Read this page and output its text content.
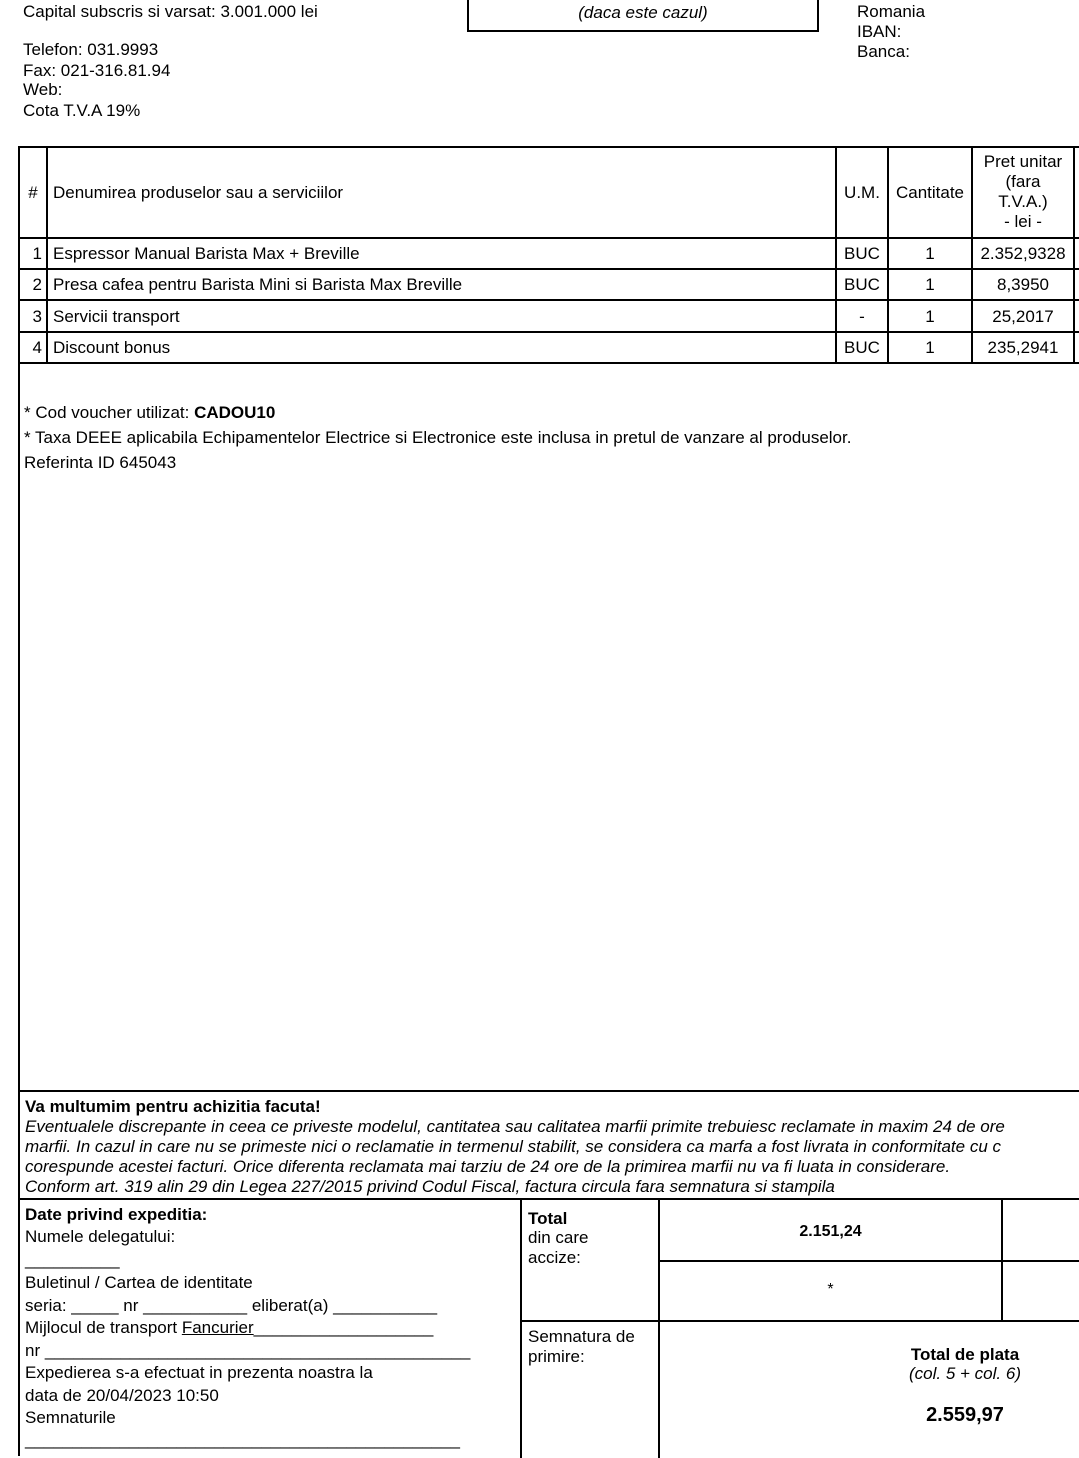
Capital subscris si varsat: 3.001.000 lei
Telefon: 031.9993
Fax: 021-316.81.94
Web:
Cota T.V.A 19%
(daca este cazul)	Romania
IBAN:
Banca:
# Denumirea produselor sau a serviciilor	U.M. Cantitate
Pret unitar
(fara
T.V.A.)
- lei -
1 Espressor Manual Barista Max + Breville	BUC	1	2.352,9328
2 Presa cafea pentru Barista Mini si Barista Max Breville	BUC	1	8,3950
3 Servicii transport	-	1	25,2017
4 Discount bonus	BUC	1	235,2941
* Cod voucher utilizat: CADOU10
* Taxa DEEE aplicabila Echipamentelor Electrice si Electronice este inclusa in pretul de vanzare al produselor.
Referinta ID 645043
Va multumim pentru achizitia facuta!
Eventualele discrepante in ceea ce priveste modelul, cantitatea sau calitatea marfii primite trebuiesc reclamate in maxim 24 de ore
marfii. In cazul in care nu se primeste nici o reclamatie in termenul stabilit, se considera ca marfa a fost livrata in conformitate cu c
corespunde acestei facturi. Orice diferenta reclamata mai tarziu de 24 ore de la primirea marfii nu va fi luata in considerare.
Conform art. 319 alin 29 din Legea 227/2015 privind Codul Fiscal, factura circula fara semnatura si stampila
Date privind expeditia:
Numele delegatului:
__________
Buletinul / Cartea de identitate
seria: _____ nr ___________ eliberat(a) ___________
Mijlocul de transport Fancurier___________________
nr _____________________________________________
Expedierea s-a efectuat in prezenta noastra la
data de 20/04/2023 10:50
Semnaturile
______________________________________________
Total
din care
accize:
2.151,24
*
Semnatura de
primire:	Total de plata
(col. 5 + col. 6)
2.559,97
